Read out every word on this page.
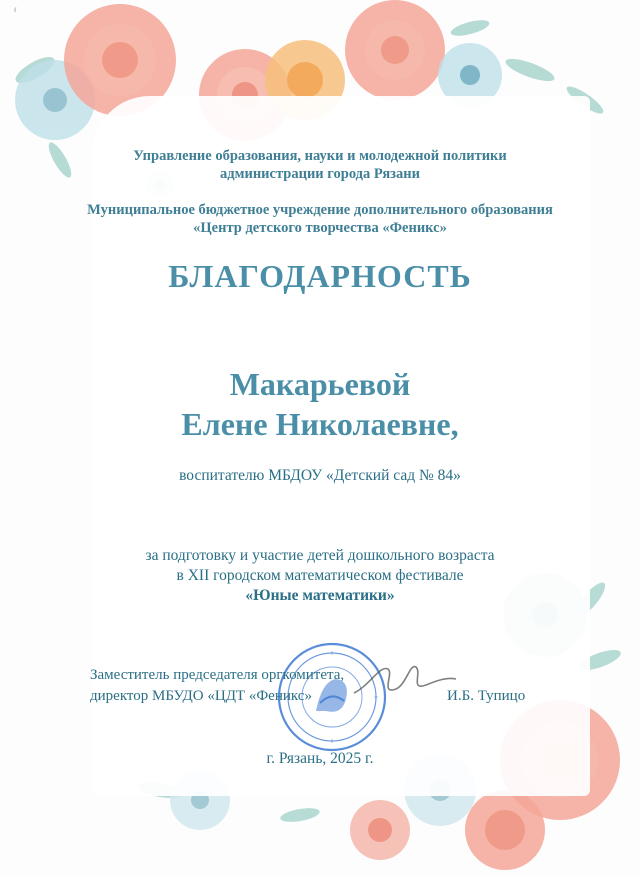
ᶠ
Управление образования, науки и молодежной политики
администрации города Рязани
Муниципальное бюджетное учреждение дополнительного образования
«Центр детского творчества «Феникс»
БЛАГОДАРНОСТЬ
Макарьевой
Елене Николаевне,
воспитателю МБДОУ «Детский сад № 84»
за подготовку и участие детей дошкольного возраста
в XII городском математическом фестивале
«Юные математики»
Заместитель председателя оргкомитета,
директор МБУДО «ЦДТ «Феникс»	И.Б. Тупицо
г. Рязань, 2025 г.
